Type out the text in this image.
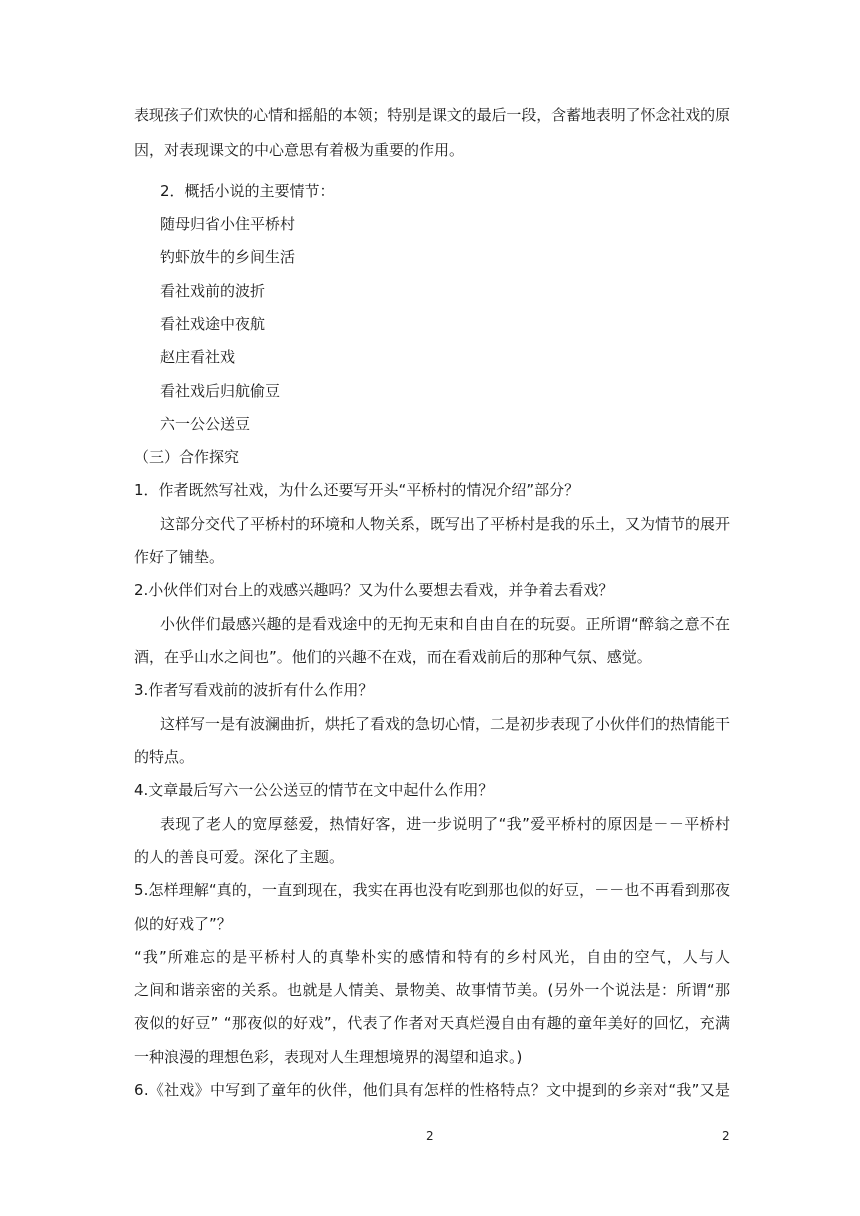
表现孩子们欢快的心情和摇船的本领；特别是课文的最后一段，含蓄地表明了怀念社戏的原
因，对表现课文的中心意思有着极为重要的作用。
2．概括小说的主要情节：
随母归省小住平桥村
钓虾放牛的乡间生活
看社戏前的波折
看社戏途中夜航
赵庄看社戏
看社戏后归航偷豆
六一公公送豆
（三）合作探究
1．作者既然写社戏，为什么还要写开头“平桥村的情况介绍”部分？
这部分交代了平桥村的环境和人物关系，既写出了平桥村是我的乐土，又为情节的展开
作好了铺垫。
2.小伙伴们对台上的戏感兴趣吗？又为什么要想去看戏，并争着去看戏？
小伙伴们最感兴趣的是看戏途中的无拘无束和自由自在的玩耍。正所谓“醉翁之意不在
酒，在乎山水之间也”。他们的兴趣不在戏，而在看戏前后的那种气氛、感觉。
3.作者写看戏前的波折有什么作用？
这样写一是有波澜曲折，烘托了看戏的急切心情，二是初步表现了小伙伴们的热情能干
的特点。
4.文章最后写六一公公送豆的情节在文中起什么作用？
表现了老人的宽厚慈爱，热情好客，进一步说明了“我”爱平桥村的原因是－－平桥村
的人的善良可爱。深化了主题。
5.怎样理解“真的，一直到现在，我实在再也没有吃到那也似的好豆，－－也不再看到那夜
似的好戏了”？
“我”所难忘的是平桥村人的真挚朴实的感情和特有的乡村风光，自由的空气，人与人
之间和谐亲密的关系。也就是人情美、景物美、故事情节美。(另外一个说法是：所谓“那
夜似的好豆” “那夜似的好戏”，代表了作者对天真烂漫自由有趣的童年美好的回忆，充满
一种浪漫的理想色彩，表现对人生理想境界的渴望和追求。)
6.《社戏》中写到了童年的伙伴，他们具有怎样的性格特点？文中提到的乡亲对“我”又是
2	2
